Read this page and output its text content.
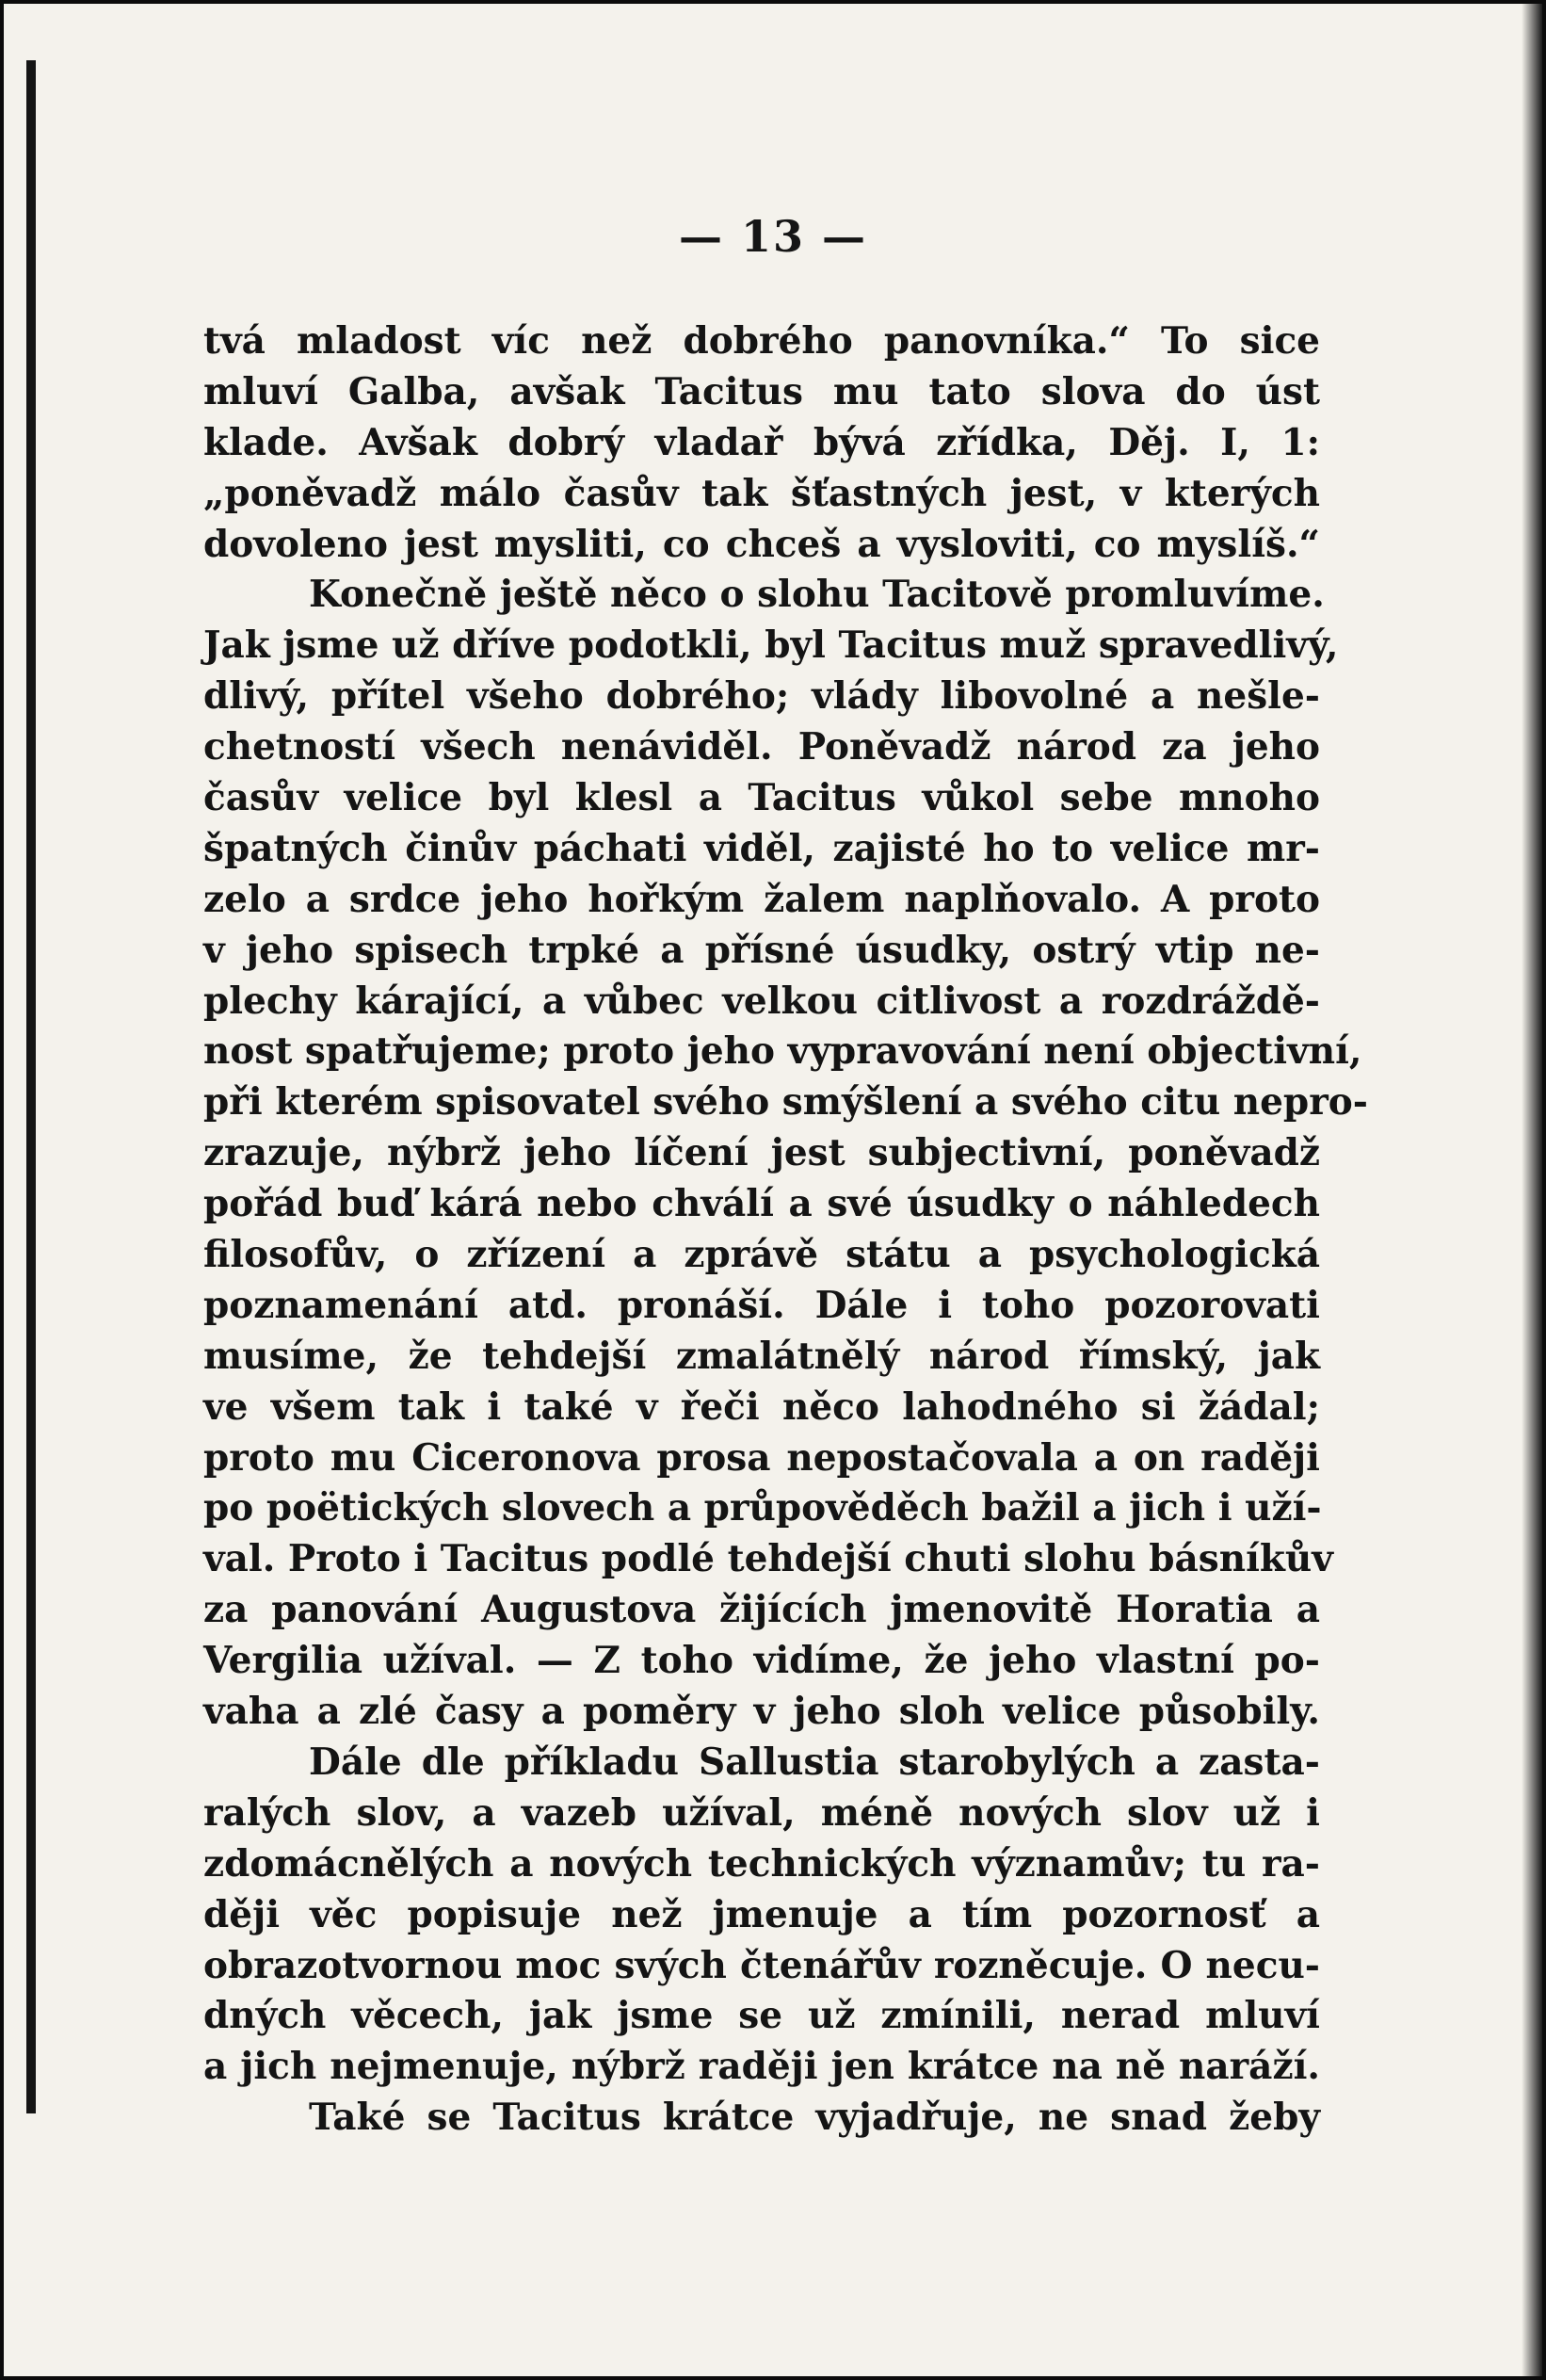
— 13 —
tvá mladost víc než dobrého panovníka.“ To sice
mluví Galba, avšak Tacitus mu tato slova do úst
klade. Avšak dobrý vladař bývá zřídka, Děj. I, 1:
„poněvadž málo časův tak šťastných jest, v kterých
dovoleno jest mysliti, co chceš a vysloviti, co myslíš.“
Konečně ještě něco o slohu Tacitově promluvíme.
Jak jsme už dříve podotkli, byl Tacitus muž spravedlivý,
dlivý, přítel všeho dobrého; vlády libovolné a nešle-
chetností všech nenáviděl. Poněvadž národ za jeho
časův velice byl klesl a Tacitus vůkol sebe mnoho
špatných činův páchati viděl, zajisté ho to velice mr-
zelo a srdce jeho hořkým žalem naplňovalo. A proto
v jeho spisech trpké a přísné úsudky, ostrý vtip ne-
plechy kárající, a vůbec velkou citlivost a rozdráždě-
nost spatřujeme; proto jeho vypravování není objectivní,
při kterém spisovatel svého smýšlení a svého citu nepro-
zrazuje, nýbrž jeho líčení jest subjectivní, poněvadž
pořád buď kárá nebo chválí a své úsudky o náhledech
filosofův, o zřízení a zprávě státu a psychologická
poznamenání atd. pronáší. Dále i toho pozorovati
musíme, že tehdejší zmalátnělý národ římský, jak
ve všem tak i také v řeči něco lahodného si žádal;
proto mu Ciceronova prosa nepostačovala a on raději
po poëtických slovech a průpověděch bažil a jich i uží-
val. Proto i Tacitus podlé tehdejší chuti slohu básníkův
za panování Augustova žijících jmenovitě Horatia a
Vergilia užíval. — Z toho vidíme, že jeho vlastní po-
vaha a zlé časy a poměry v jeho sloh velice působily.
Dále dle příkladu Sallustia starobylých a zasta-
ralých slov, a vazeb užíval, méně nových slov už i
zdomácnělých a nových technických významův; tu ra-
ději věc popisuje než jmenuje a tím pozornosť a
obrazotvornou moc svých čtenářův rozněcuje. O necu-
dných věcech, jak jsme se už zmínili, nerad mluví
a jich nejmenuje, nýbrž raději jen krátce na ně naráží.
Také se Tacitus krátce vyjadřuje, ne snad žeby
